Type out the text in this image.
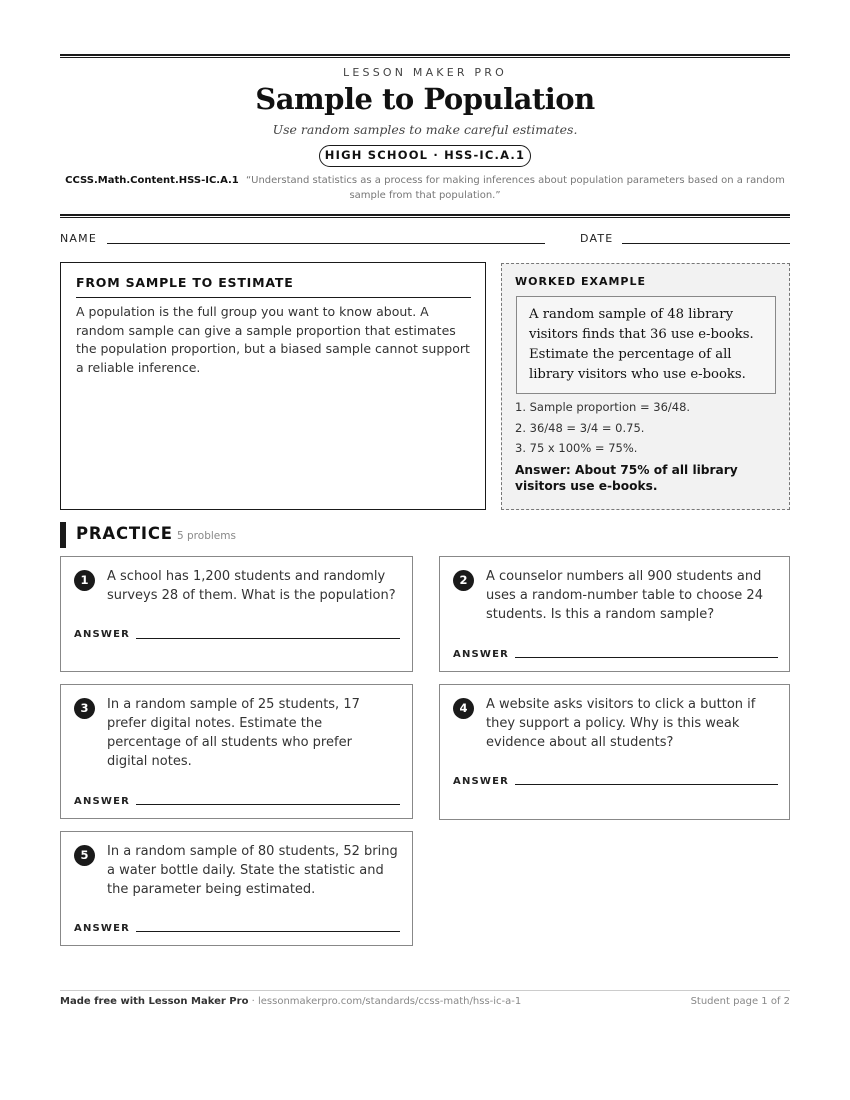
LESSON MAKER PRO
Sample to Population
Use random samples to make careful estimates.
HIGH SCHOOL · HSS-IC.A.1
CCSS.Math.Content.HSS-IC.A.1 “Understand statistics as a process for making inferences about population parameters based on a random sample from that population.”
NAME	DATE
FROM SAMPLE TO ESTIMATE

A population is the full group you want to know about. A random sample can give a sample proportion that estimates the population proportion, but a biased sample cannot support a reliable inference.

WORKED EXAMPLE
A random sample of 48 library visitors finds that 36 use e-books. Estimate the percentage of all library visitors who use e-books.
1. Sample proportion = 36/48.
2. 36/48 = 3/4 = 0.75.
3. 75 x 100% = 75%.

Answer: About 75% of all library visitors use e-books.

PRACTICE 5 problems
1	A school has 1,200 students and randomly surveys 28 of them. What is the population?

ANSWER
2	A counselor numbers all 900 students and uses a random-number table to choose 24 students. Is this a random sample?

ANSWER
3	In a random sample of 25 students, 17 prefer digital notes. Estimate the percentage of all students who prefer digital notes.

ANSWER
4	A website asks visitors to click a button if they support a policy. Why is this weak evidence about all students?

ANSWER
5	In a random sample of 80 students, 52 bring a water bottle daily. State the statistic and the parameter being estimated.

ANSWER
Made free with Lesson Maker Pro · lessonmakerpro.com/standards/ccss-math/hss-ic-a-1	Student page 1 of 2
